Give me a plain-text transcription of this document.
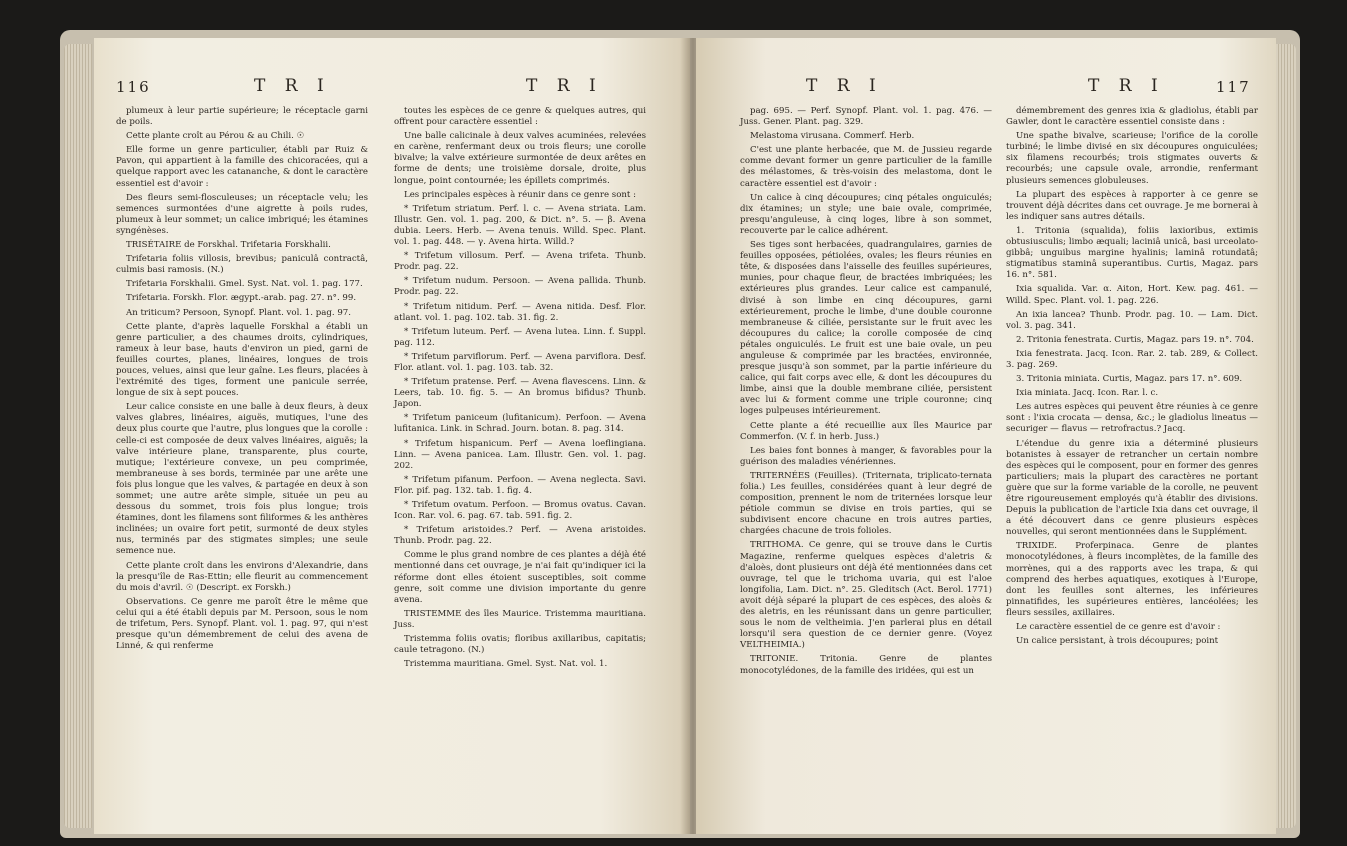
116	T R I	T R I

plumeux à leur partie supérieure; le réceptacle garni de poils.

Cette plante croît au Pérou & au Chili. ☉

Elle forme un genre particulier, établi par Ruiz & Pavon, qui appartient à la famille des chicoracées, qui a quelque rapport avec les catananche, & dont le caractère essentiel est d'avoir :

Des fleurs semi-flosculeuses; un réceptacle velu; les semences surmontées d'une aigrette à poils rudes, plumeux à leur sommet; un calice imbriqué; les étamines syngénèses.

TRISÉTAIRE de Forskhal. Trifetaria Forskhalii.

Trifetaria foliis villosis, brevibus; paniculâ contractâ, culmis basi ramosis. (N.)

Trifetaria Forskhalii. Gmel. Syst. Nat. vol. 1. pag. 177.

Trifetaria. Forskh. Flor. ægypt.-arab. pag. 27. n°. 99.

An triticum? Persoon, Synopf. Plant. vol. 1. pag. 97.

Cette plante, d'après laquelle Forskhal a établi un genre particulier, a des chaumes droits, cylindriques, rameux à leur base, hauts d'environ un pied, garni de feuilles courtes, planes, linéaires, longues de trois pouces, velues, ainsi que leur gaîne. Les fleurs, placées à l'extrémité des tiges, forment une panicule serrée, longue de six à sept pouces.

Leur calice consiste en une balle à deux fleurs, à deux valves glabres, linéaires, aiguës, mutiques, l'une des deux plus courte que l'autre, plus longues que la corolle : celle-ci est composée de deux valves linéaires, aiguës; la valve intérieure plane, transparente, plus courte, mutique; l'extérieure convexe, un peu comprimée, membraneuse à ses bords, terminée par une arête une fois plus longue que les valves, & partagée en deux à son sommet; une autre arête simple, située un peu au dessous du sommet, trois fois plus longue; trois étamines, dont les filamens sont filiformes & les anthères inclinées; un ovaire fort petit, surmonté de deux styles nus, terminés par des stigmates simples; une seule semence nue.

Cette plante croît dans les environs d'Alexandrie, dans la presqu'île de Ras-Ettin; elle fleurit au commencement du mois d'avril. ☉ (Descript. ex Forskh.)

Observations. Ce genre me paroît être le même que celui qui a été établi depuis par M. Persoon, sous le nom de trifetum, Pers. Synopf. Plant. vol. 1. pag. 97, qui n'est presque qu'un démembrement de celui des avena de Linné, & qui renferme

toutes les espèces de ce genre & quelques autres, qui offrent pour caractère essentiel :

Une balle calicinale à deux valves acuminées, relevées en carène, renfermant deux ou trois fleurs; une corolle bivalve; la valve extérieure surmontée de deux arêtes en forme de dents; une troisième dorsale, droite, plus longue, point contournée; les épillets comprimés.

Les principales espèces à réunir dans ce genre sont :

* Trifetum striatum. Perf. l. c. — Avena striata. Lam. Illustr. Gen. vol. 1. pag. 200, & Dict. n°. 5. — β. Avena dubia. Leers. Herb. — Avena tenuis. Willd. Spec. Plant. vol. 1. pag. 448. — γ. Avena hirta. Willd.?

* Trifetum villosum. Perf. — Avena trifeta. Thunb. Prodr. pag. 22.

* Trifetum nudum. Persoon. — Avena pallida. Thunb. Prodr. pag. 22.

* Trifetum nitidum. Perf. — Avena nitida. Desf. Flor. atlant. vol. 1. pag. 102. tab. 31. fig. 2.

* Trifetum luteum. Perf. — Avena lutea. Linn. f. Suppl. pag. 112.

* Trifetum parviflorum. Perf. — Avena parviflora. Desf. Flor. atlant. vol. 1. pag. 103. tab. 32.

* Trifetum pratense. Perf. — Avena flavescens. Linn. & Leers, tab. 10. fig. 5. — An bromus bifidus? Thunb. Japon.

* Trifetum paniceum (lufitanicum). Perfoon. — Avena lufitanica. Link. in Schrad. Journ. botan. 8. pag. 314.

* Trifetum hispanicum. Perf — Avena loeflingiana. Linn. — Avena panicea. Lam. Illustr. Gen. vol. 1. pag. 202.

* Trifetum pifanum. Perfoon. — Avena neglecta. Savi. Flor. pif. pag. 132. tab. 1. fig. 4.

* Trifetum ovatum. Perfoon. — Bromus ovatus. Cavan. Icon. Rar. vol. 6. pag. 67. tab. 591. fig. 2.

* Trifetum aristoides.? Perf. — Avena aristoides. Thunb. Prodr. pag. 22.

Comme le plus grand nombre de ces plantes a déjà été mentionné dans cet ouvrage, je n'ai fait qu'indiquer ici la réforme dont elles étoient susceptibles, soit comme genre, soit comme une division importante du genre avena.

TRISTEMME des îles Maurice. Tristemma mauritiana. Juss.

Tristemma foliis ovatis; floribus axillaribus, capitatis; caule tetragono. (N.)

Tristemma mauritiana. Gmel. Syst. Nat. vol. 1.

T R I	T R I	117

pag. 695. — Perf. Synopf. Plant. vol. 1. pag. 476. — Juss. Gener. Plant. pag. 329.

Melastoma virusana. Commerf. Herb.

C'est une plante herbacée, que M. de Jussieu regarde comme devant former un genre particulier de la famille des mélastomes, & très-voisin des melastoma, dont le caractère essentiel est d'avoir :

Un calice à cinq découpures; cinq pétales onguiculés; dix étamines; un style; une baie ovale, comprimée, presqu'anguleuse, à cinq loges, libre à son sommet, recouverte par le calice adhérent.

Ses tiges sont herbacées, quadrangulaires, garnies de feuilles opposées, pétiolées, ovales; les fleurs réunies en tête, & disposées dans l'aisselle des feuilles supérieures, munies, pour chaque fleur, de bractées imbriquées; les extérieures plus grandes. Leur calice est campanulé, divisé à son limbe en cinq découpures, garni extérieurement, proche le limbe, d'une double couronne membraneuse & ciliée, persistante sur le fruit avec les découpures du calice; la corolle composée de cinq pétales onguiculés. Le fruit est une baie ovale, un peu anguleuse & comprimée par les bractées, environnée, presque jusqu'à son sommet, par la partie inférieure du calice, qui fait corps avec elle, & dont les découpures du limbe, ainsi que la double membrane ciliée, persistent avec lui & forment comme une triple couronne; cinq loges pulpeuses intérieurement.

Cette plante a été recueillie aux îles Maurice par Commerfon. (V. f. in herb. Juss.)

Les baies font bonnes à manger, & favorables pour la guérison des maladies vénériennes.

TRITERNÉES (Feuilles). (Triternata, triplicato-ternata folia.) Les feuilles, considérées quant à leur degré de composition, prennent le nom de triternées lorsque leur pétiole commun se divise en trois parties, qui se subdivisent encore chacune en trois autres parties, chargées chacune de trois folioles.

TRITHOMA. Ce genre, qui se trouve dans le Curtis Magazine, renferme quelques espèces d'aletris & d'aloès, dont plusieurs ont déjà été mentionnées dans cet ouvrage, tel que le trichoma uvaria, qui est l'aloe longifolia, Lam. Dict. n°. 25. Gleditsch (Act. Berol. 1771) avoit déjà séparé la plupart de ces espèces, des aloès & des aletris, en les réunissant dans un genre particulier, sous le nom de veltheimia. J'en parlerai plus en détail lorsqu'il sera question de ce dernier genre. (Voyez VELTHEIMIA.)

TRITONIE. Tritonia. Genre de plantes monocotylédones, de la famille des iridées, qui est un

démembrement des genres ixia & gladiolus, établi par Gawler, dont le caractère essentiel consiste dans :

Une spathe bivalve, scarieuse; l'orifice de la corolle turbiné; le limbe divisé en six découpures onguiculées; six filamens recourbés; trois stigmates ouverts & recourbés; une capsule ovale, arrondie, renfermant plusieurs semences globuleuses.

La plupart des espèces à rapporter à ce genre se trouvent déjà décrites dans cet ouvrage. Je me bornerai à les indiquer sans autres détails.

1. Tritonia (squalida), foliis laxioribus, extimis obtusiusculis; limbo æquali; laciniâ unicâ, basi urceolato-gibbâ; unguibus margine hyalinis; laminâ rotundatâ; stigmatibus staminâ superantibus. Curtis, Magaz. pars 16. n°. 581.

Ixia squalida. Var. α. Aiton, Hort. Kew. pag. 461. — Willd. Spec. Plant. vol. 1. pag. 226.

An ixia lancea? Thunb. Prodr. pag. 10. — Lam. Dict. vol. 3. pag. 341.

2. Tritonia fenestrata. Curtis, Magaz. pars 19. n°. 704.

Ixia fenestrata. Jacq. Icon. Rar. 2. tab. 289, & Collect. 3. pag. 269.

3. Tritonia miniata. Curtis, Magaz. pars 17. n°. 609.

Ixia miniata. Jacq. Icon. Rar. l. c.

Les autres espèces qui peuvent être réunies à ce genre sont : l'ixia crocata — densa, &c.; le gladiolus lineatus — securiger — flavus — retrofractus.? Jacq.

L'étendue du genre ixia a déterminé plusieurs botanistes à essayer de retrancher un certain nombre des espèces qui le composent, pour en former des genres particuliers; mais la plupart des caractères ne portant guère que sur la forme variable de la corolle, ne peuvent être rigoureusement employés qu'à établir des divisions. Depuis la publication de l'article Ixia dans cet ouvrage, il a été découvert dans ce genre plusieurs espèces nouvelles, qui seront mentionnées dans le Supplément.

TRIXIDE. Proferpinaca. Genre de plantes monocotylédones, à fleurs incomplètes, de la famille des morrènes, qui a des rapports avec les trapa, & qui comprend des herbes aquatiques, exotiques à l'Europe, dont les feuilles sont alternes, les inférieures pinnatifides, les supérieures entières, lancéolées; les fleurs sessiles, axillaires.

Le caractère essentiel de ce genre est d'avoir :

Un calice persistant, à trois découpures; point
